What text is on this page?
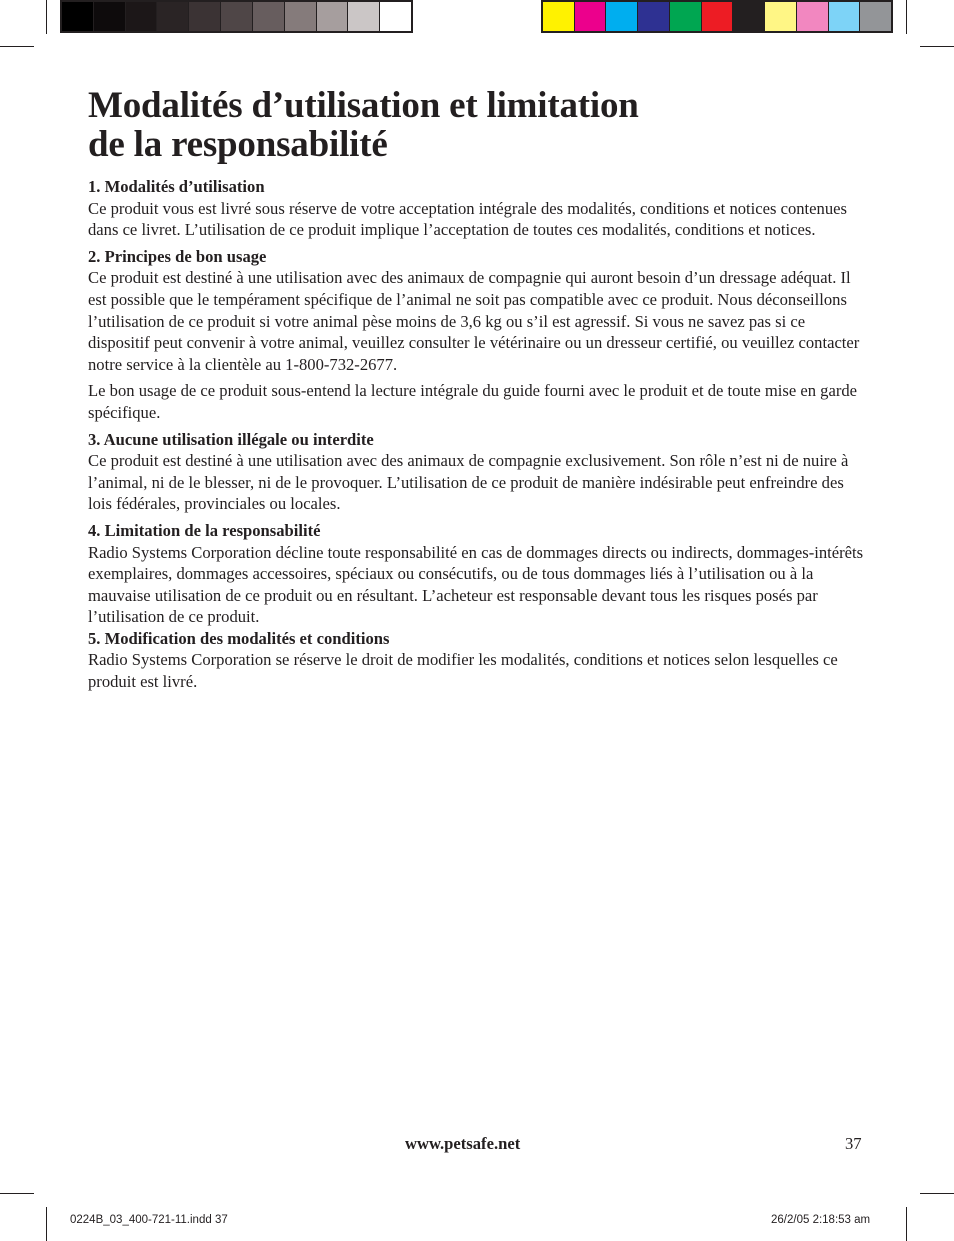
Modalités d’utilisation et limitation
de la responsabilité
1. Modalités d’utilisation

Ce produit vous est livré sous réserve de votre acceptation intégrale des modalités, conditions et notices contenues dans ce livret. L’utilisation de ce produit implique l’acceptation de toutes ces modalités, conditions et notices.

2. Principes de bon usage

Ce produit est destiné à une utilisation avec des animaux de compagnie qui auront besoin d’un dressage adéquat. Il est possible que le tempérament spécifique de l’animal ne soit pas compatible avec ce produit. Nous déconseillons l’utilisation de ce produit si votre animal pèse moins de 3,6 kg ou s’il est agressif. Si vous ne savez pas si ce dispositif peut convenir à votre animal, veuillez consulter le vétérinaire ou un dresseur certifié, ou veuillez contacter notre service à la clientèle au 1-800-732-2677.

Le bon usage de ce produit sous-entend la lecture intégrale du guide fourni avec le produit et de toute mise en garde spécifique.

3. Aucune utilisation illégale ou interdite

Ce produit est destiné à une utilisation avec des animaux de compagnie exclusivement. Son rôle n’est ni de nuire à l’animal, ni de le blesser, ni de le provoquer. L’utilisation de ce produit de manière indésirable peut enfreindre des lois fédérales, provinciales ou locales.

4. Limitation de la responsabilité

Radio Systems Corporation décline toute responsabilité en cas de dommages directs ou indirects, dommages-intérêts exemplaires, dommages accessoires, spéciaux ou consécutifs, ou de tous dommages liés à l’utilisation ou à la mauvaise utilisation de ce produit ou en résultant. L’acheteur est responsable devant tous les risques posés par l’utilisation de ce produit.

5. Modification des modalités et conditions

Radio Systems Corporation se réserve le droit de modifier les modalités, conditions et notices selon lesquelles ce produit est livré.

www.petsafe.net	37
0224B_03_400-721-11.indd 37	26/2/05 2:18:53 am
